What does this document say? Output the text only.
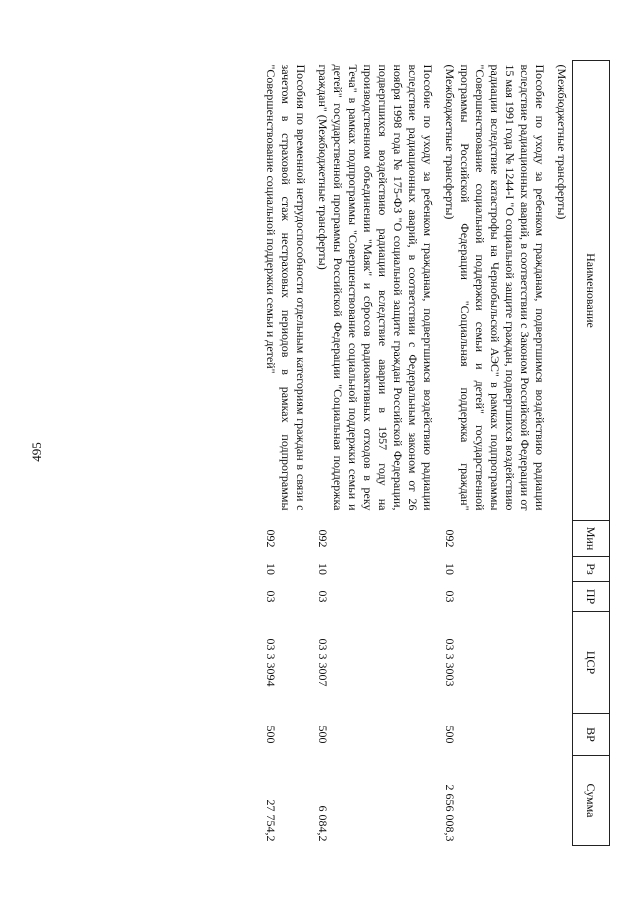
495
Наименование	Мин	Рз	ПР	ЦСР	ВР	Сумма
(Межбюджетные трансферты)						

Пособие по уходу за ребенком гражданам, подвергшимся воздействию радиации вследствие радиационных аварий, в соответствии с Законом Российской Федерации от 15 мая 1991 года № 1244-I "О социальной защите граждан, подвергшихся воздействию радиации вследствие катастрофы на Чернобыльской АЭС" в рамках подпрограммы "Совершенствование социальной поддержки семьи и детей" государственной программы Российской Федерации "Социальная поддержка граждан" (Межбюджетные трансферты)	092	10	03	03 3 3003	500	2 656 008,3

Пособие по уходу за ребенком гражданам, подвергшимся воздействию радиации вследствие радиационных аварий, в соответствии с Федеральным законом от 26 ноября 1998 года № 175-ФЗ "О социальной защите граждан Российской Федерации, подвергшихся воздействию радиации вследствие аварии в 1957 году на производственном объединении "Маяк" и сбросов радиоактивных отходов в реку Теча" в рамках подпрограммы "Совершенствование социальной поддержки семьи и детей" государственной программы Российской Федерации "Социальная поддержка граждан" (Межбюджетные трансферты)	092	10	03	03 3 3007	500	6 084,2

Пособия по временной нетрудоспособности отдельным категориям граждан в связи с зачетом в страховой стаж нестраховых периодов в рамках подпрограммы "Совершенствование социальной поддержки семьи и детей"	092	10	03	03 3 3094	500	27 754,2
